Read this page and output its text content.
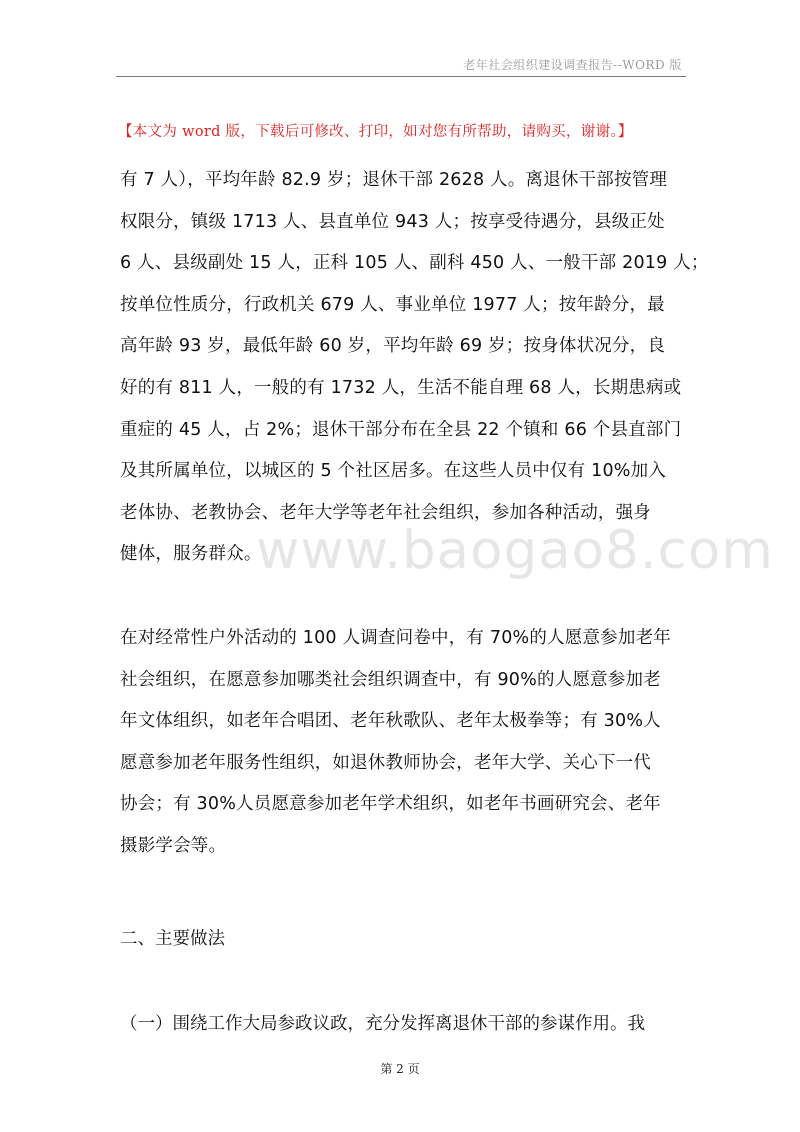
老年社会组织建设调查报告--WORD 版
【本文为 word 版，下载后可修改、打印，如对您有所帮助，请购买，谢谢。】
有 7 人），平均年龄 82.9 岁；退休干部 2628 人。离退休干部按管理
权限分，镇级 1713 人、县直单位 943 人；按享受待遇分，县级正处
6 人、县级副处 15 人，正科 105 人、副科 450 人、一般干部 2019 人；
按单位性质分，行政机关 679 人、事业单位 1977 人；按年龄分，最
高年龄 93 岁，最低年龄 60 岁，平均年龄 69 岁；按身体状况分，良
好的有 811 人，一般的有 1732 人，生活不能自理 68 人，长期患病或
重症的 45 人，占 2%；退休干部分布在全县 22 个镇和 66 个县直部门
及其所属单位，以城区的 5 个社区居多。在这些人员中仅有 10%加入
老体协、老教协会、老年大学等老年社会组织，参加各种活动，强身
健体，服务群众。
在对经常性户外活动的 100 人调查问卷中，有 70%的人愿意参加老年
社会组织，在愿意参加哪类社会组织调查中，有 90%的人愿意参加老
年文体组织，如老年合唱团、老年秋歌队、老年太极拳等；有 30%人
愿意参加老年服务性组织，如退休教师协会，老年大学、关心下一代
协会；有 30%人员愿意参加老年学术组织，如老年书画研究会、老年
摄影学会等。
二、主要做法
（一）围绕工作大局参政议政，充分发挥离退休干部的参谋作用。我
www.baogao8.com
第 2 页
